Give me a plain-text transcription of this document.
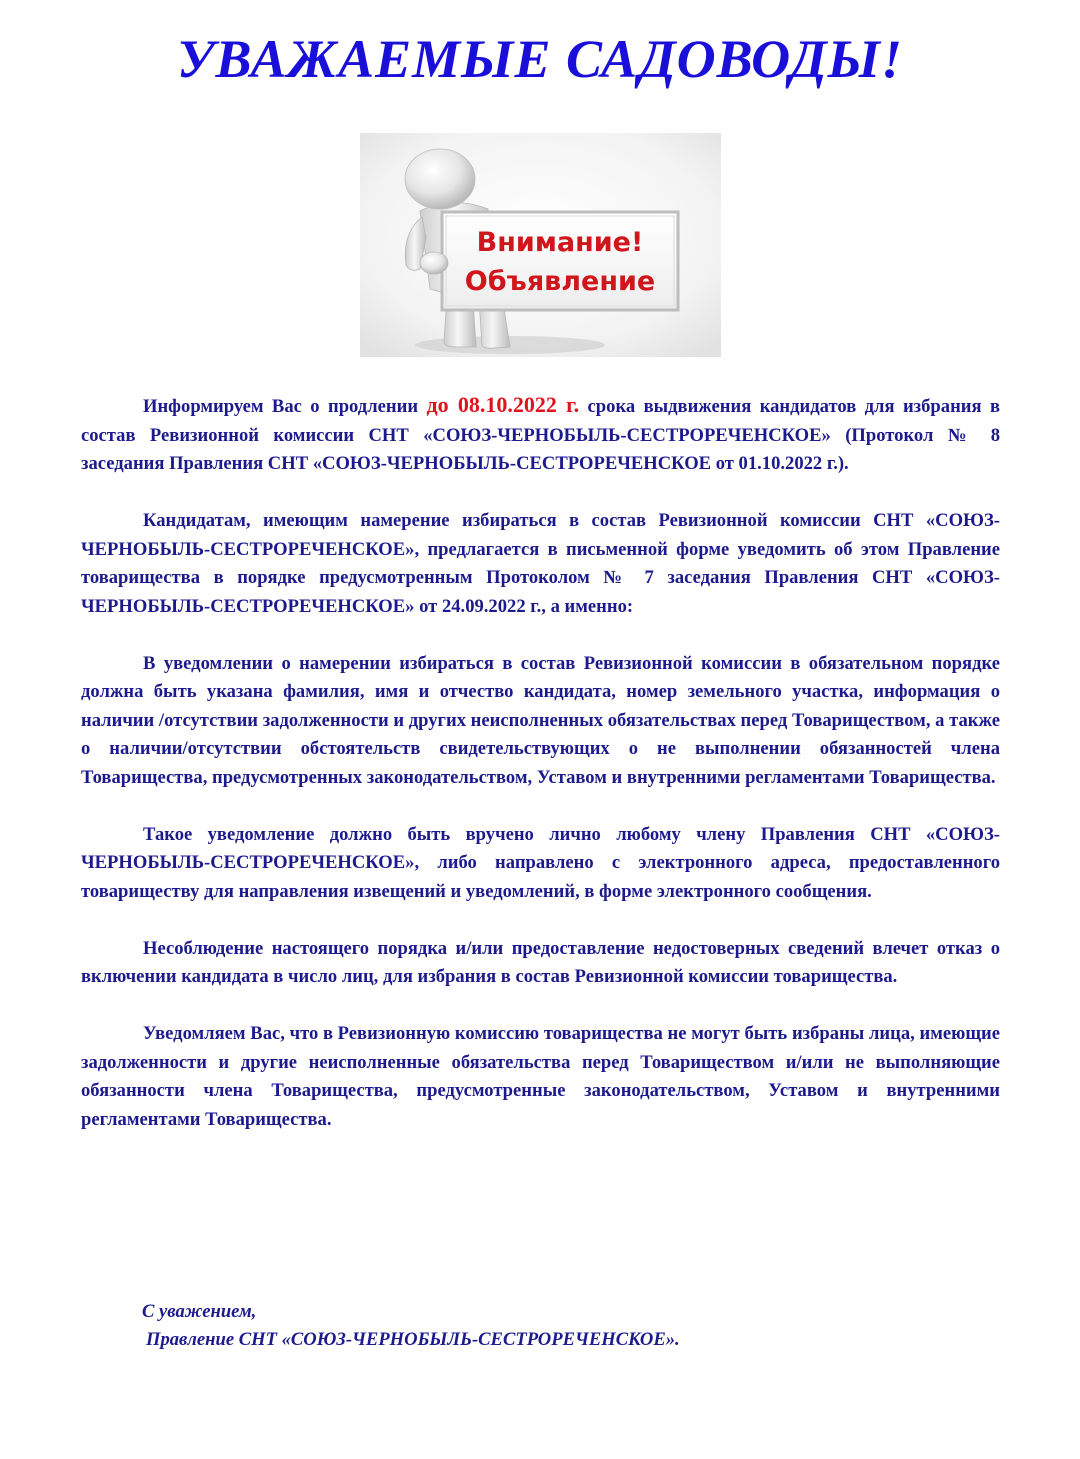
УВАЖАЕМЫЕ САДОВОДЫ!
Внимание!
Объявление

Информируем Вас о продлении до 08.10.2022 г. срока выдвижения кандидатов для избрания в состав Ревизионной комиссии СНТ «СОЮЗ-ЧЕРНОБЫЛЬ-СЕСТРОРЕЧЕНСКОЕ» (Протокол № 8 заседания Правления СНТ «СОЮЗ-ЧЕРНОБЫЛЬ-СЕСТРОРЕЧЕНСКОЕ от 01.10.2022 г.).

Кандидатам, имеющим намерение избираться в состав Ревизионной комиссии СНТ «СОЮЗ-ЧЕРНОБЫЛЬ-СЕСТРОРЕЧЕНСКОЕ», предлагается в письменной форме уведомить об этом Правление товарищества в порядке предусмотренным Протоколом № 7 заседания Правления СНТ «СОЮЗ-ЧЕРНОБЫЛЬ-СЕСТРОРЕЧЕНСКОЕ» от 24.09.2022 г., а именно:

В уведомлении о намерении избираться в состав Ревизионной комиссии в обязательном порядке должна быть указана фамилия, имя и отчество кандидата, номер земельного участка, информация о наличии /отсутствии задолженности и других неисполненных обязательствах перед Товариществом, а также о наличии/отсутствии обстоятельств свидетельствующих о не выполнении обязанностей члена Товарищества, предусмотренных законодательством, Уставом и внутренними регламентами Товарищества.

Такое уведомление должно быть вручено лично любому члену Правления СНТ «СОЮЗ-ЧЕРНОБЫЛЬ-СЕСТРОРЕЧЕНСКОЕ», либо направлено с электронного адреса, предоставленного товариществу для направления извещений и уведомлений, в форме электронного сообщения.

Несоблюдение настоящего порядка и/или предоставление недостоверных сведений влечет отказ о включении кандидата в число лиц, для избрания в состав Ревизионной комиссии товарищества.

Уведомляем Вас, что в Ревизионную комиссию товарищества не могут быть избраны лица, имеющие задолженности и другие неисполненные обязательства перед Товариществом и/или не выполняющие обязанности члена Товарищества, предусмотренные законодательством, Уставом и внутренними регламентами Товарищества.

С уважением,
Правление СНТ «СОЮЗ-ЧЕРНОБЫЛЬ-СЕСТРОРЕЧЕНСКОЕ».
